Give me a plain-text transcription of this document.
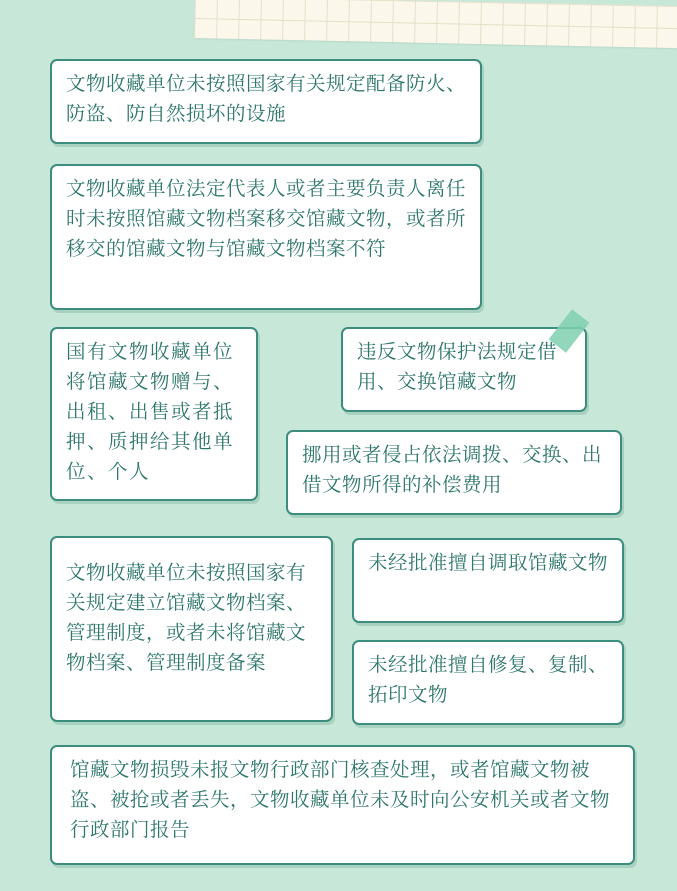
文物收藏单位未按照国家有关规定配备防火、防盗、防自然损坏的设施
文物收藏单位法定代表人或者主要负责人离任时未按照馆藏文物档案移交馆藏文物，或者所移交的馆藏文物与馆藏文物档案不符
国有文物收藏单位将馆藏文物赠与、出租、出售或者抵押、质押给其他单位、个人
违反文物保护法规定借用、交换馆藏文物
挪用或者侵占依法调拨、交换、出借文物所得的补偿费用
文物收藏单位未按照国家有关规定建立馆藏文物档案、管理制度，或者未将馆藏文物档案、管理制度备案
未经批准擅自调取馆藏文物
未经批准擅自修复、复制、拓印文物
馆藏文物损毁未报文物行政部门核查处理，或者馆藏文物被盗、被抢或者丢失，文物收藏单位未及时向公安机关或者文物行政部门报告
